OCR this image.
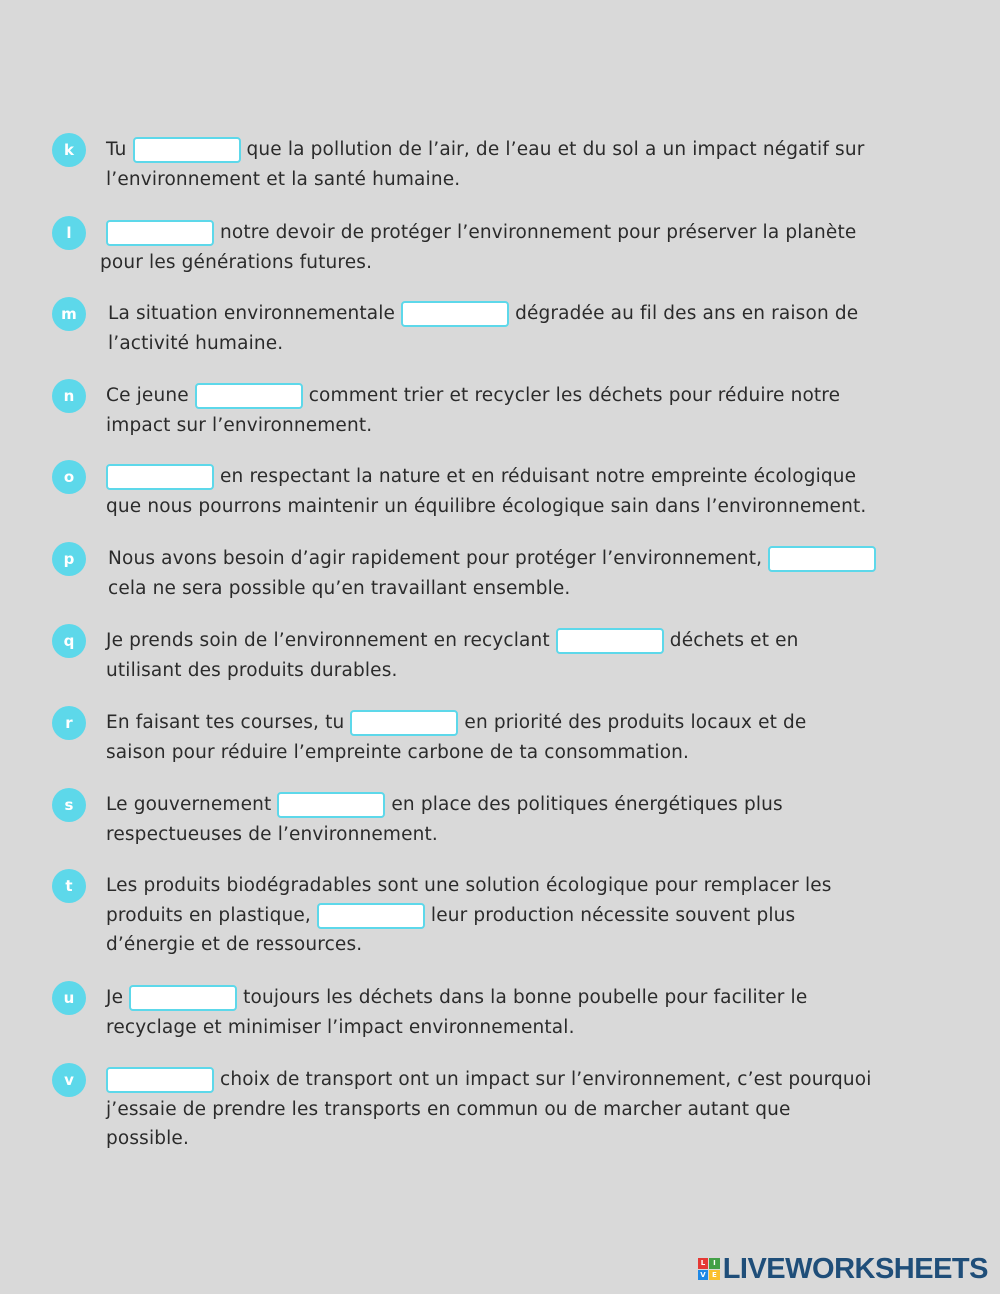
k	Tu	que la pollution de l’air, de l’eau et du sol a un impact négatif sur
l’environnement et la santé humaine.
l	notre devoir de protéger l’environnement pour préserver la planète
pour les générations futures.
m	La situation environnementale	dégradée au fil des ans en raison de
l’activité humaine.
n	Ce jeune	comment trier et recycler les déchets pour réduire notre
impact sur l’environnement.
o	en respectant la nature et en réduisant notre empreinte écologique
que nous pourrons maintenir un équilibre écologique sain dans l’environnement.
p	Nous avons besoin d’agir rapidement pour protéger l’environnement,
cela ne sera possible qu’en travaillant ensemble.
q	Je prends soin de l’environnement en recyclant	déchets et en
utilisant des produits durables.
r	En faisant tes courses, tu	en priorité des produits locaux et de
saison pour réduire l’empreinte carbone de ta consommation.
s	Le gouvernement	en place des politiques énergétiques plus
respectueuses de l’environnement.
t	Les produits biodégradables sont une solution écologique pour remplacer les
produits en plastique,	leur production nécessite souvent plus
d’énergie et de ressources.
u	Je	toujours les déchets dans la bonne poubelle pour faciliter le
recyclage et minimiser l’impact environnemental.
v	choix de transport ont un impact sur l’environnement, c’est pourquoi
j’essaie de prendre les transports en commun ou de marcher autant que
possible.
L	I
V E LIVEWORKSHEETS
